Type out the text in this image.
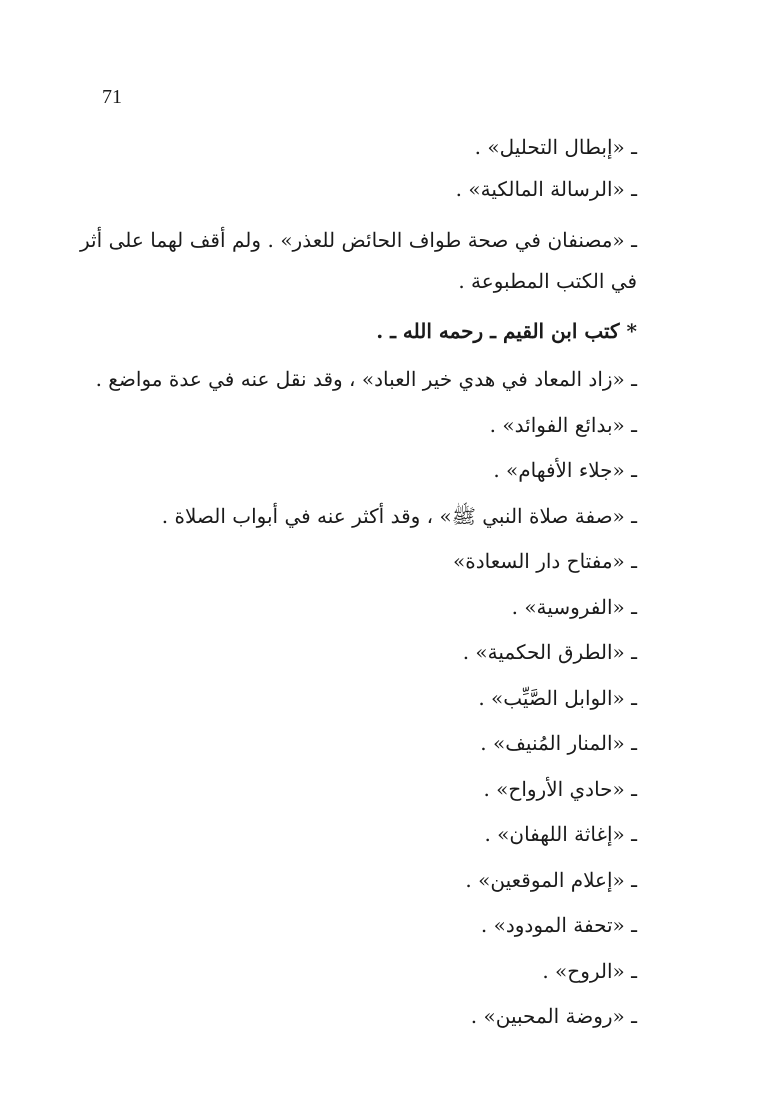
71
ـ «إبطال التحليل» .
ـ «الرسالة المالكية» .
ـ «مصنفان في صحة طواف الحائض للعذر» . ولم أقف لهما على أثر
في الكتب المطبوعة .
* كتب ابن القيم ـ رحمه الله ـ .
ـ «زاد المعاد في هدي خير العباد» ، وقد نقل عنه في عدة مواضع .
ـ «بدائع الفوائد» .
ـ «جلاء الأفهام» .
ـ «صفة صلاة النبي ﷺ» ، وقد أكثر عنه في أبواب الصلاة .
ـ «مفتاح دار السعادة»
ـ «الفروسية» .
ـ «الطرق الحكمية» .
ـ «الوابل الصَّيِّب» .
ـ «المنار المُنيف» .
ـ «حادي الأرواح» .
ـ «إغاثة اللهفان» .
ـ «إعلام الموقعين» .
ـ «تحفة المودود» .
ـ «الروح» .
ـ «روضة المحبين» .
